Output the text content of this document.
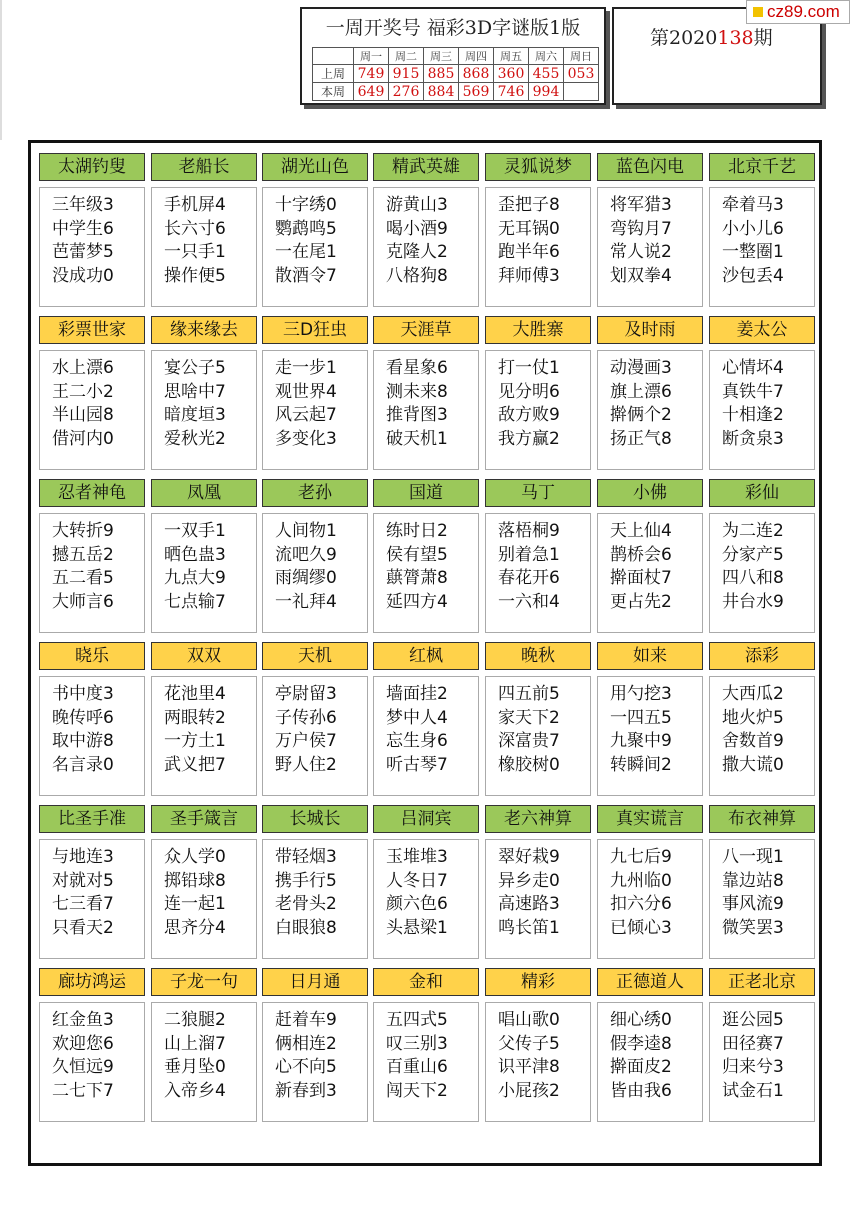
一周开奖号 福彩3D字谜版1版
	周一	周二	周三	周四	周五	周六	周日
上周	749	915	885	868	360	455	053
本周	649	276	884	569	746	994	
第2020138期
cz89.com
太湖钓叟
三年级3
中学生6
芭蕾梦5
没成功0
老船长
手机屏4
长六寸6
一只手1
操作便5
湖光山色
十字绣0
鹦鹉鸣5
一在尾1
散酒令7
精武英雄
游黄山3
喝小酒9
克隆人2
八格狗8
灵狐说梦
歪把子8
无耳锅0
跑半年6
拜师傅3
蓝色闪电
将军猎3
弯钩月7
常人说2
划双拳4
北京千艺
牵着马3
小小儿6
一整圈1
沙包丢4
彩票世家
水上漂6
王二小2
半山园8
借河内0
缘来缘去
宴公子5
思啥中7
暗度垣3
爱秋光2
三D狂虫
走一步1
观世界4
风云起7
多变化3
天涯草
看星象6
测未来8
推背图3
破天机1
大胜寨
打一仗1
见分明6
敌方败9
我方赢2
及时雨
动漫画3
旗上漂6
擀俩个2
扬正气8
姜太公
心情坏4
真铁牛7
十相逢2
断贪泉3
忍者神龟
大转折9
撼五岳2
五二看5
大师言6
凤凰
一双手1
晒色蛊3
九点大9
七点输7
老孙
人间物1
流吧久9
雨绸缪0
一礼拜4
国道
练时日2
侯有望5
蕻膂萧8
延四方4
马丁
落梧桐9
别着急1
春花开6
一六和4
小佛
天上仙4
鹊桥会6
擀面杖7
更占先2
彩仙
为二连2
分家产5
四八和8
井台水9
晓乐
书中度3
晚传呼6
取中游8
名言录0
双双
花池里4
两眼转2
一方土1
武义把7
天机
亭尉留3
子传孙6
万户侯7
野人住2
红枫
墙面挂2
梦中人4
忘生身6
听古琴7
晚秋
四五前5
家天下2
深富贵7
橡胶树0
如来
用勺挖3
一四五5
九聚中9
转瞬间2
添彩
大西瓜2
地火炉5
舍数首9
撒大谎0
比圣手准
与地连3
对就对5
七三看7
只看天2
圣手箴言
众人学0
掷铅球8
连一起1
思齐分4
长城长
带轻烟3
携手行5
老骨头2
白眼狼8
吕洞宾
玉堆堆3
人冬日7
颜六色6
头悬梁1
老六神算
翠好栽9
异乡走0
高速路3
鸣长笛1
真实谎言
九七后9
九州临0
扣六分6
已倾心3
布衣神算
八一现1
靠边站8
事风流9
微笑罢3
廊坊鸿运
红金鱼3
欢迎您6
久恒远9
二七下7
子龙一句
二狼腿2
山上溜7
垂月坠0
入帝乡4
日月通
赶着车9
俩相连2
心不向5
新春到3
金和
五四式5
叹三别3
百重山6
闯天下2
精彩
唱山歌0
父传子5
识平津8
小屁孩2
正德道人
细心绣0
假李逵8
擀面皮2
皆由我6
正老北京
逛公园5
田径赛7
归来兮3
试金石1
